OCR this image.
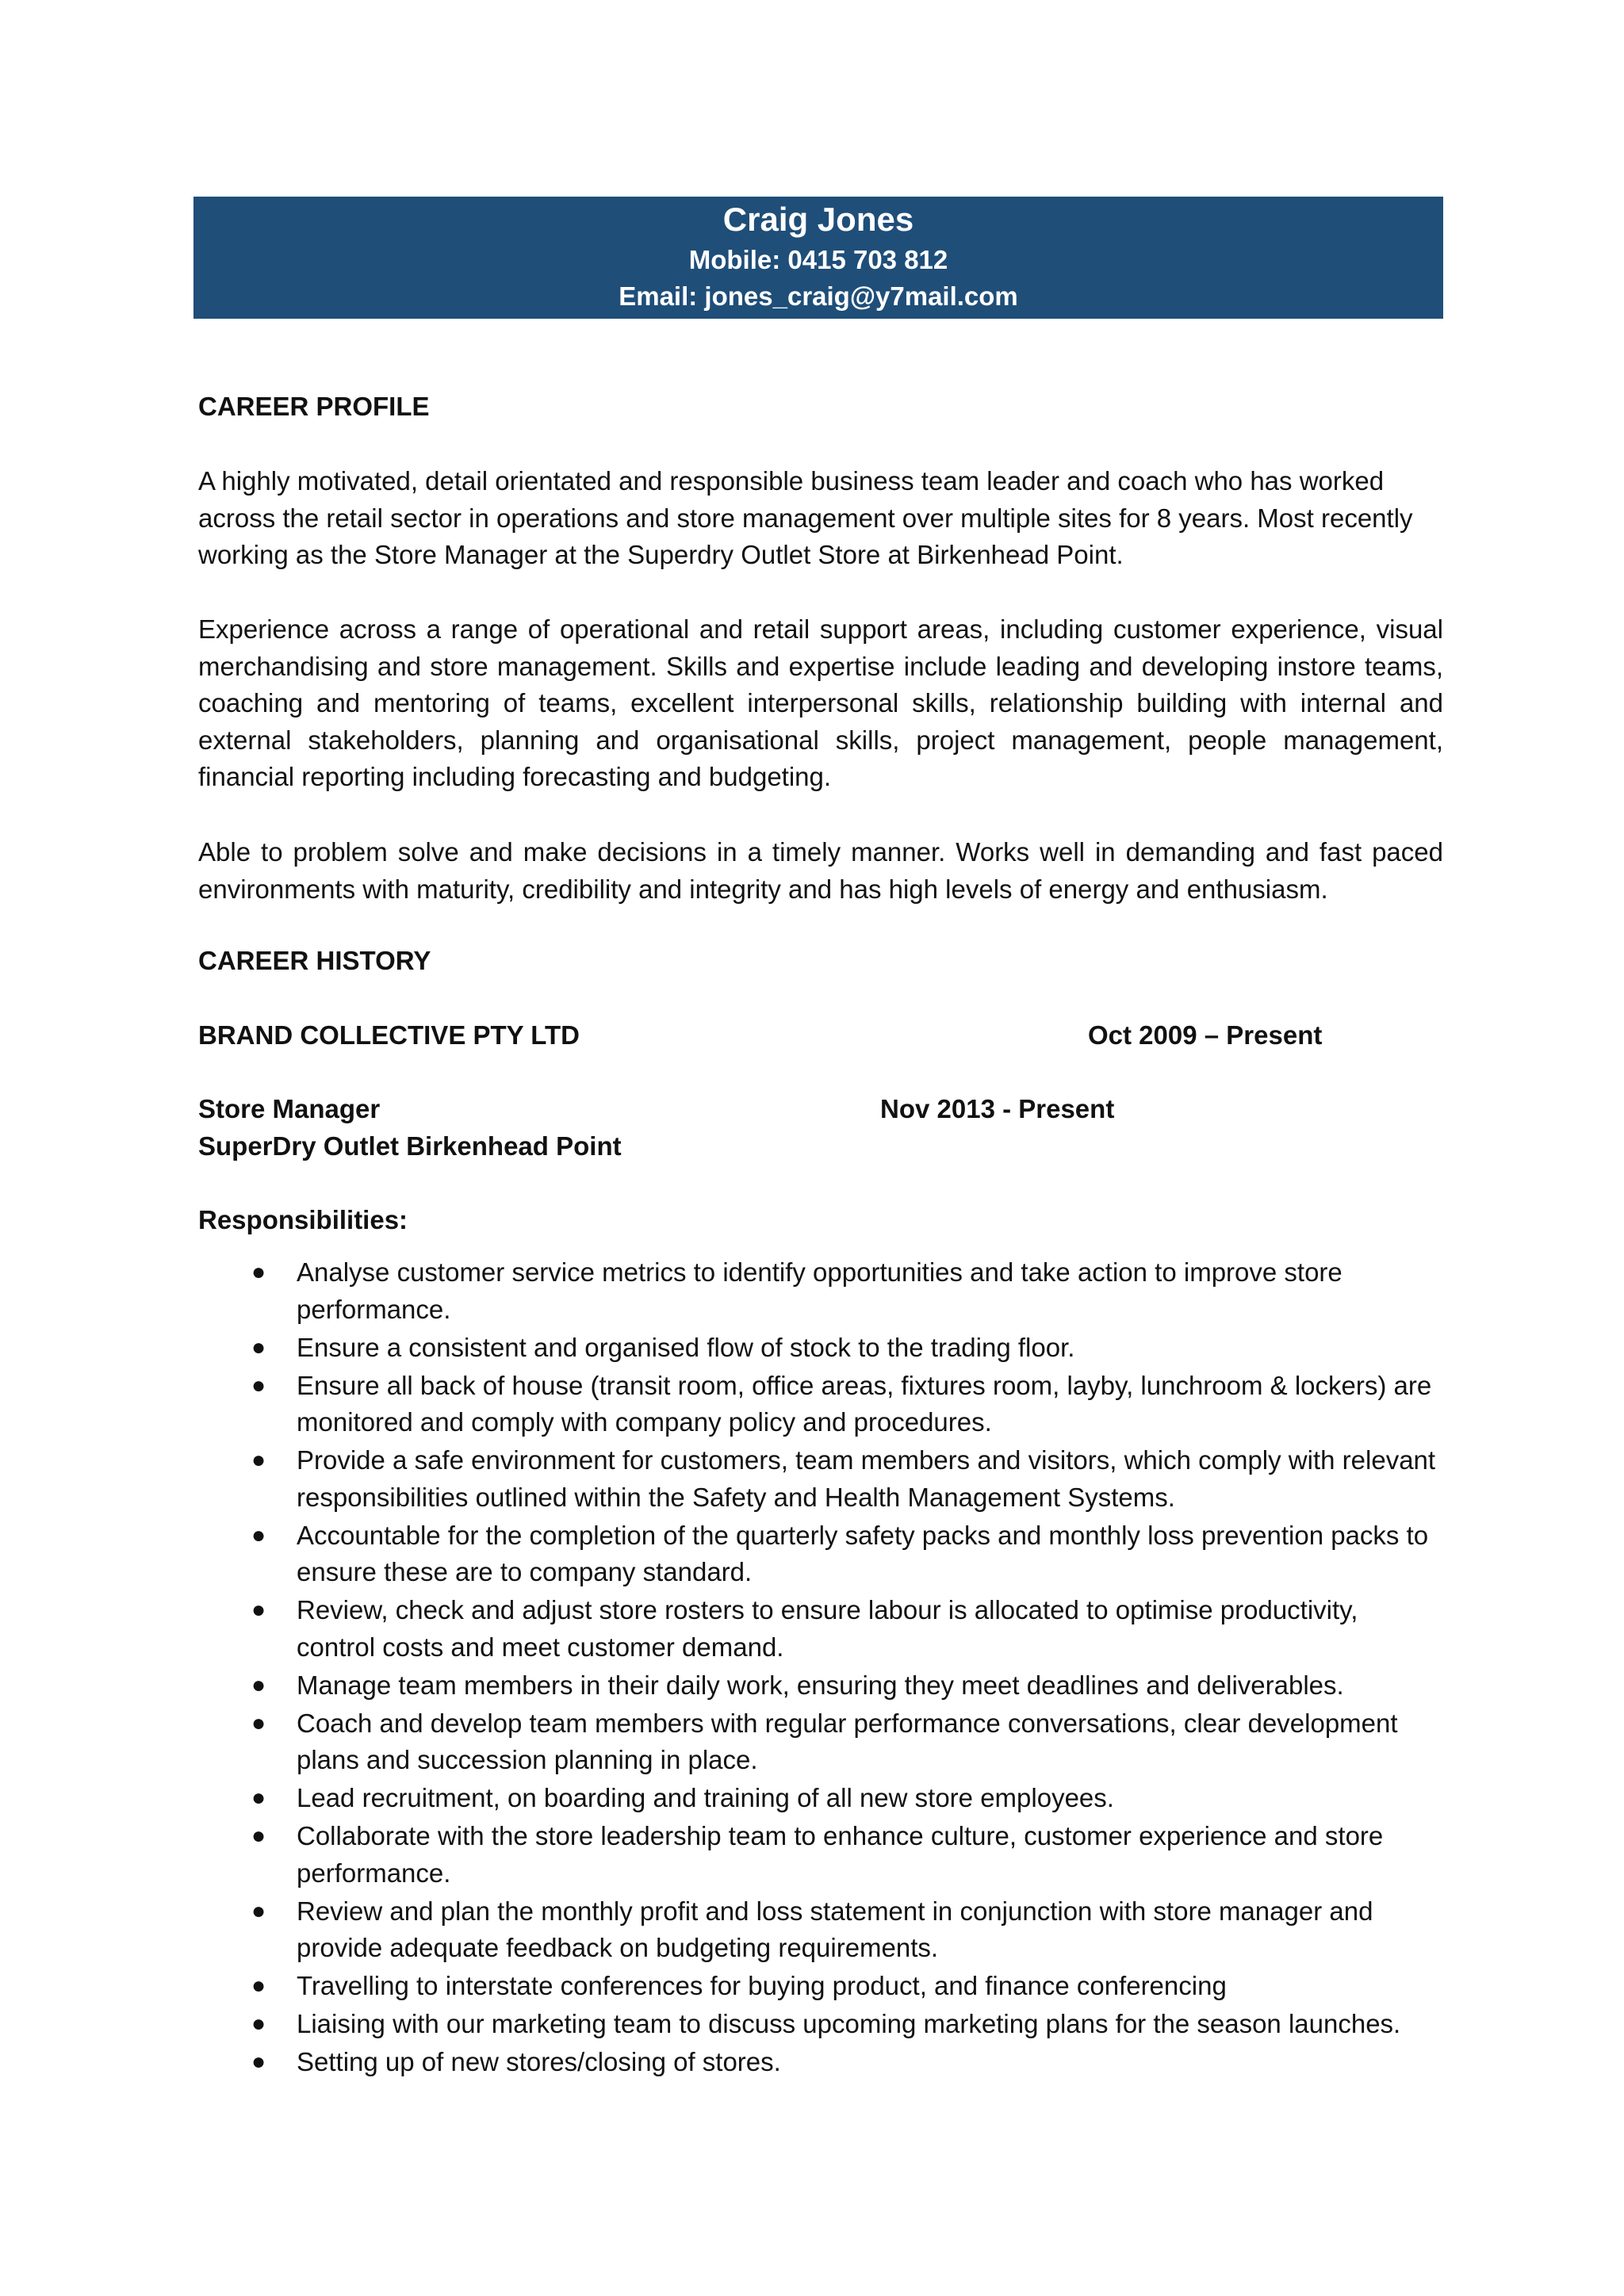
Craig Jones
Mobile: 0415 703 812
Email: jones_craig@y7mail.com
CAREER PROFILE
A highly motivated, detail orientated and responsible business team leader and coach who has worked across the retail sector in operations and store management over multiple sites for 8 years. Most recently working as the Store Manager at the Superdry Outlet Store at Birkenhead Point.
Experience across a range of operational and retail support areas, including customer experience, visual merchandising and store management. Skills and expertise include leading and developing instore teams, coaching and mentoring of teams, excellent interpersonal skills, relationship building with internal and external stakeholders, planning and organisational skills, project management, people management, financial reporting including forecasting and budgeting.
Able to problem solve and make decisions in a timely manner. Works well in demanding and fast paced environments with maturity, credibility and integrity and has high levels of energy and enthusiasm.
CAREER HISTORY
BRAND COLLECTIVE PTY LTD	Oct 2009 – Present
Store Manager	Nov 2013 - Present
SuperDry Outlet Birkenhead Point
Responsibilities:
● Analyse customer service metrics to identify opportunities and take action to improve store performance.
● Ensure a consistent and organised flow of stock to the trading floor.
● Ensure all back of house (transit room, office areas, fixtures room, layby, lunchroom & lockers) are monitored and comply with company policy and procedures.
● Provide a safe environment for customers, team members and visitors, which comply with relevant responsibilities outlined within the Safety and Health Management Systems.
● Accountable for the completion of the quarterly safety packs and monthly loss prevention packs to ensure these are to company standard.
● Review, check and adjust store rosters to ensure labour is allocated to optimise productivity, control costs and meet customer demand.
● Manage team members in their daily work, ensuring they meet deadlines and deliverables.
● Coach and develop team members with regular performance conversations, clear development plans and succession planning in place.
● Lead recruitment, on boarding and training of all new store employees.
● Collaborate with the store leadership team to enhance culture, customer experience and store performance.
● Review and plan the monthly profit and loss statement in conjunction with store manager and provide adequate feedback on budgeting requirements.
● Travelling to interstate conferences for buying product, and finance conferencing
● Liaising with our marketing team to discuss upcoming marketing plans for the season launches.
● Setting up of new stores/closing of stores.
